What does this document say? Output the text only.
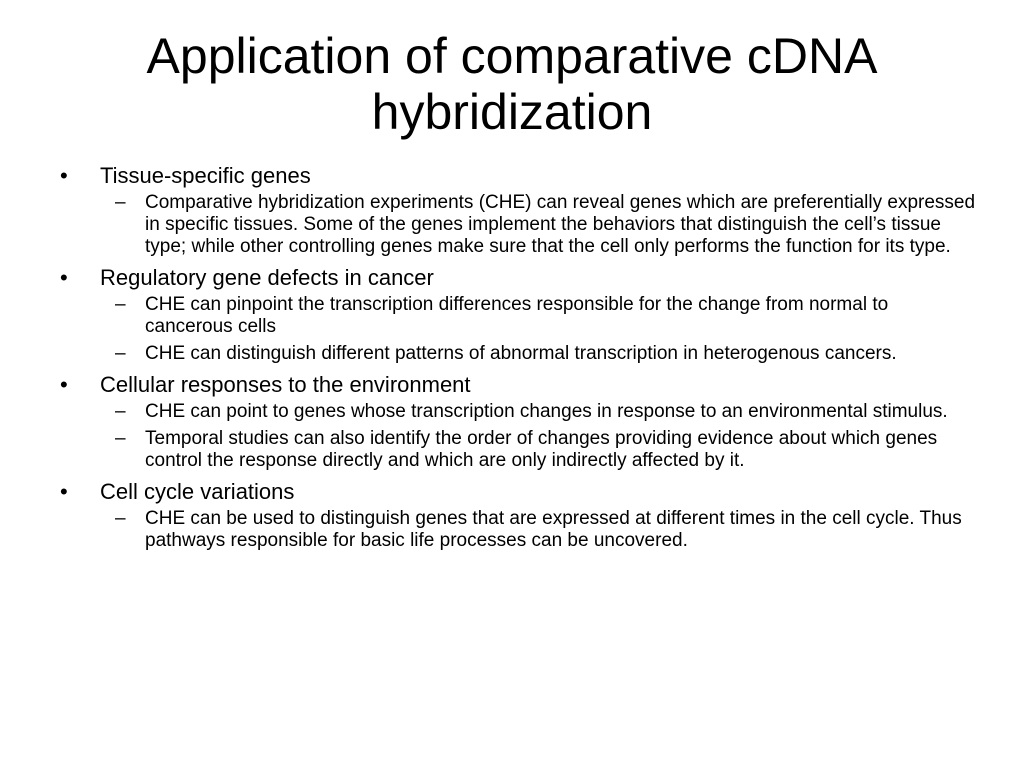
Application of comparative cDNA
hybridization
• Tissue-specific genes
– Comparative hybridization experiments (CHE) can reveal genes which are preferentially expressed in specific tissues. Some of the genes implement the behaviors that distinguish the cell’s tissue type; while other controlling genes make sure that the cell only performs the function for its type.
• Regulatory gene defects in cancer
– CHE can pinpoint the transcription differences responsible for the change from normal to cancerous cells
– CHE can distinguish different patterns of abnormal transcription in heterogenous cancers.
• Cellular responses to the environment
– CHE can point to genes whose transcription changes in response to an environmental stimulus.
– Temporal studies can also identify the order of changes providing evidence about which genes control the response directly and which are only indirectly affected by it.
• Cell cycle variations
– CHE can be used to distinguish genes that are expressed at different times in the cell cycle. Thus pathways responsible for basic life processes can be uncovered.
